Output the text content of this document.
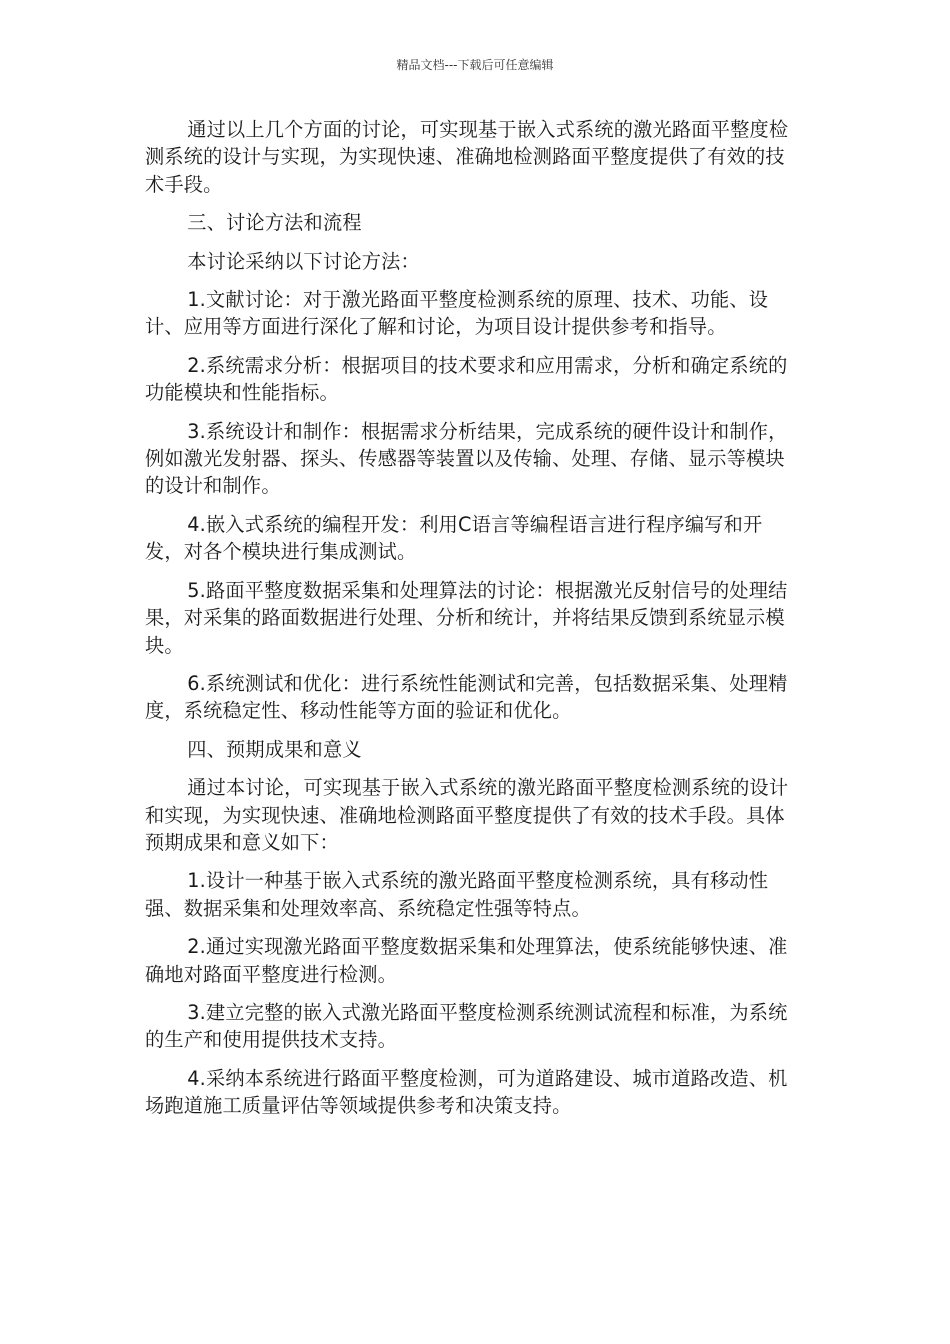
精品文档---下载后可任意编辑

通过以上几个方面的讨论，可实现基于嵌入式系统的激光路面平整度检测系统的设计与实现，为实现快速、准确地检测路面平整度提供了有效的技术手段。

三、讨论方法和流程

本讨论采纳以下讨论方法：

1.文献讨论：对于激光路面平整度检测系统的原理、技术、功能、设计、应用等方面进行深化了解和讨论，为项目设计提供参考和指导。

2.系统需求分析：根据项目的技术要求和应用需求，分析和确定系统的功能模块和性能指标。

3.系统设计和制作：根据需求分析结果，完成系统的硬件设计和制作，例如激光发射器、探头、传感器等装置以及传输、处理、存储、显示等模块的设计和制作。

4.嵌入式系统的编程开发：利用C语言等编程语言进行程序编写和开发，对各个模块进行集成测试。

5.路面平整度数据采集和处理算法的讨论：根据激光反射信号的处理结果，对采集的路面数据进行处理、分析和统计，并将结果反馈到系统显示模块。

6.系统测试和优化：进行系统性能测试和完善，包括数据采集、处理精度，系统稳定性、移动性能等方面的验证和优化。

四、预期成果和意义

通过本讨论，可实现基于嵌入式系统的激光路面平整度检测系统的设计和实现，为实现快速、准确地检测路面平整度提供了有效的技术手段。具体预期成果和意义如下：

1.设计一种基于嵌入式系统的激光路面平整度检测系统，具有移动性强、数据采集和处理效率高、系统稳定性强等特点。

2.通过实现激光路面平整度数据采集和处理算法，使系统能够快速、准确地对路面平整度进行检测。

3.建立完整的嵌入式激光路面平整度检测系统测试流程和标准，为系统的生产和使用提供技术支持。

4.采纳本系统进行路面平整度检测，可为道路建设、城市道路改造、机场跑道施工质量评估等领域提供参考和决策支持。
